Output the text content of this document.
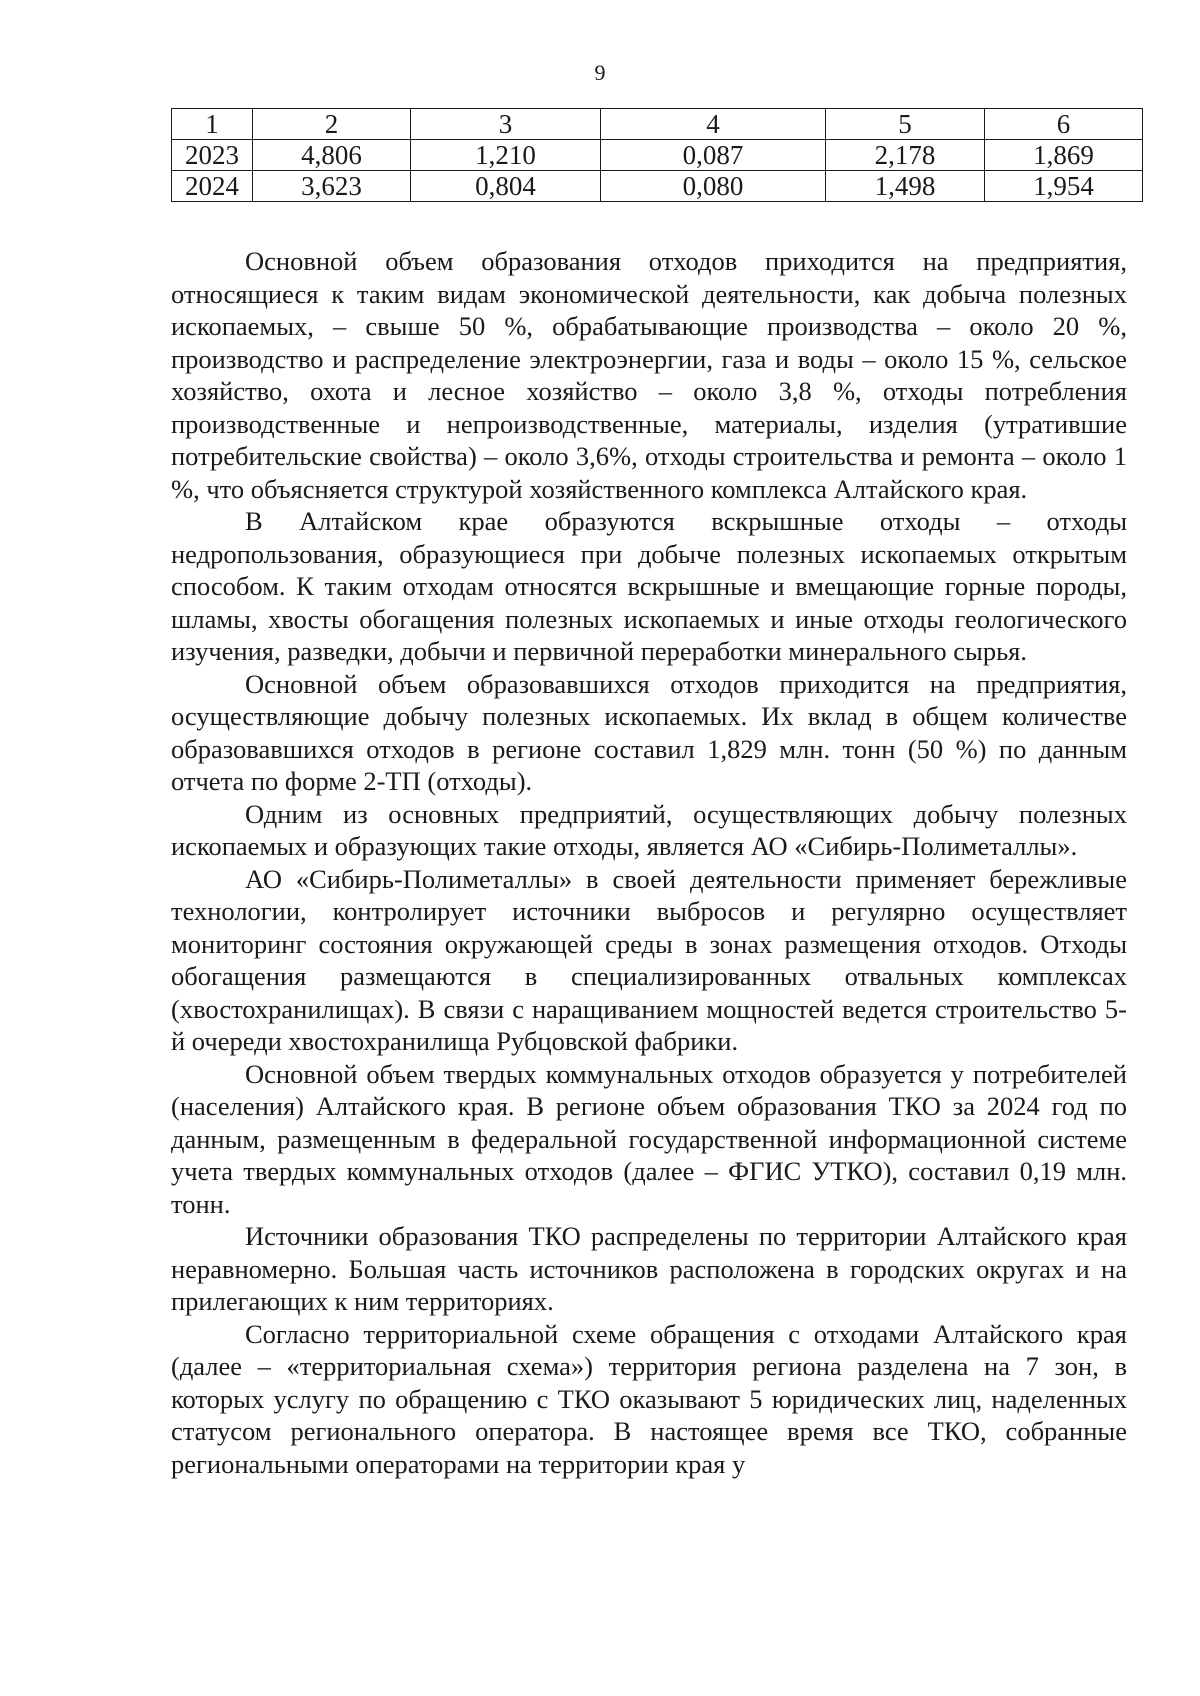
9
1	2	3	4	5	6
2023	4,806	1,210	0,087	2,178	1,869
2024	3,623	0,804	0,080	1,498	1,954

Основной объем образования отходов приходится на предприятия, относящиеся к таким видам экономической деятельности, как добыча полезных ископаемых, – свыше 50 %, обрабатывающие производства – около 20 %, производство и распределение электроэнергии, газа и воды – около 15 %, сельское хозяйство, охота и лесное хозяйство – около 3,8 %, отходы потребления производственные и непроизводственные, материалы, изделия (утратившие потребительские свойства) – около 3,6%, отходы строительства и ремонта – около 1 %, что объясняется структурой хозяйственного комплекса Алтайского края.

В Алтайском крае образуются вскрышные отходы – отходы недропользования, образующиеся при добыче полезных ископаемых открытым способом. К таким отходам относятся вскрышные и вмещающие горные породы, шламы, хвосты обогащения полезных ископаемых и иные отходы геологического изучения, разведки, добычи и первичной переработки минерального сырья.

Основной объем образовавшихся отходов приходится на предприятия, осуществляющие добычу полезных ископаемых. Их вклад в общем количестве образовавшихся отходов в регионе составил 1,829 млн. тонн (50 %) по данным отчета по форме 2-ТП (отходы).

Одним из основных предприятий, осуществляющих добычу полезных ископаемых и образующих такие отходы, является АО «Сибирь-Полиметаллы».

АО «Сибирь-Полиметаллы» в своей деятельности применяет бережливые технологии, контролирует источники выбросов и регулярно осуществляет мониторинг состояния окружающей среды в зонах размещения отходов. Отходы обогащения размещаются в специализированных отвальных комплексах (хвостохранилищах). В связи с наращиванием мощностей ведется строительство 5-й очереди хвостохранилища Рубцовской фабрики.

Основной объем твердых коммунальных отходов образуется у потребителей (населения) Алтайского края. В регионе объем образования ТКО за 2024 год по данным, размещенным в федеральной государственной информационной системе учета твердых коммунальных отходов (далее – ФГИС УТКО), составил 0,19 млн. тонн.

Источники образования ТКО распределены по территории Алтайского края неравномерно. Большая часть источников расположена в городских округах и на прилегающих к ним территориях.

Согласно территориальной схеме обращения с отходами Алтайского края (далее – «территориальная схема») территория региона разделена на 7 зон, в которых услугу по обращению с ТКО оказывают 5 юридических лиц, наделенных статусом регионального оператора. В настоящее время все ТКО, собранные региональными операторами на территории края у
